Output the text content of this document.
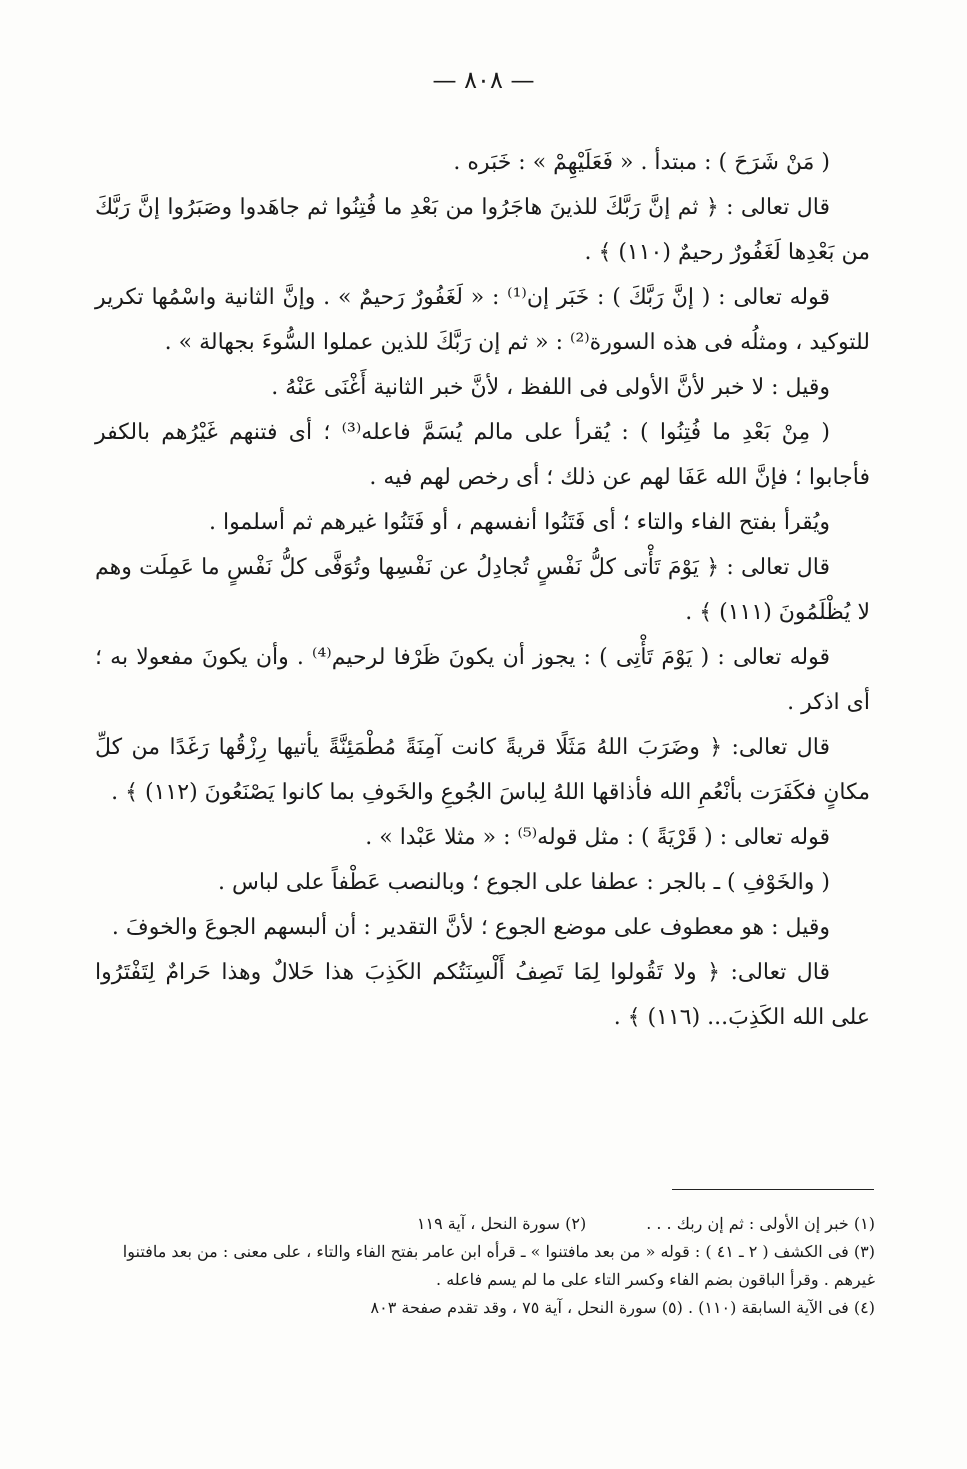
— ٨٠٨ —

( مَنْ شَرَحَ ) : مبتدأ . « فَعَلَيْهِمْ » : خَبَره .

قال تعالى : ﴿ ثم إنَّ رَبَّكَ للذينَ هاجَرُوا من بَعْدِ ما فُتِنُوا ثم جاهَدوا وصَبَرُوا إنَّ رَبَّكَ من بَعْدِها لَغَفُورٌ رحيمٌ (١١٠) ﴾ .

قوله تعالى : ( إنَّ رَبَّكَ ) : خَبَر إن⁽¹⁾ : « لَغَفُورٌ رَحيمٌ » . وإنَّ الثانية واسْمُها تكرير للتوكيد ، ومثلُه فى هذه السورة⁽²⁾ : « ثم إن رَبَّكَ للذين عملوا السُّوءَ بجهالة » .

وقيل : لا خبر لأنَّ الأولى فى اللفظ ، لأنَّ خبر الثانية أَغْنَى عَنْهُ .

( مِنْ بَعْدِ ما فُتِنُوا ) : يُقرأ على مالم يُسَمَّ فاعله⁽³⁾ ؛ أى فتنهم غَيْرُهم بالكفر فأجابوا ؛ فإنَّ الله عَفَا لهم عن ذلك ؛ أى رخص لهم فيه .

ويُقرأ بفتح الفاء والتاء ؛ أى فَتَنُوا أنفسهم ، أو فَتَنُوا غيرهم ثم أسلموا .

قال تعالى : ﴿ يَوْمَ تَأْتى كلُّ نَفْسٍ تُجادِلُ عن نَفْسِها وتُوَفَّى كلُّ نَفْسٍ ما عَمِلَت وهم لا يُظْلَمُونَ (١١١) ﴾ .

قوله تعالى : ( يَوْمَ تَأْتِى ) : يجوز أن يكونَ ظَرْفا لرحيم⁽⁴⁾ . وأن يكونَ مفعولا به ؛ أى اذكر .

قال تعالى: ﴿ وضَرَبَ اللهُ مَثَلًا قريةً كانت آمِنَةً مُطْمَئِنَّةً يأتيها رِزْقُها رَغَدًا من كلِّ مكانٍ فكَفَرَت بأنْعُمِ الله فأذاقها اللهُ لِباسَ الجُوعِ والخَوفِ بما كانوا يَصْنَعُونَ (١١٢) ﴾ .

قوله تعالى : ( قَرْيَةً ) : مثل قوله⁽⁵⁾ : « مثلا عَبْدا » .

( والخَوْفِ ) ـ بالجر : عطفا على الجوع ؛ وبالنصب عَطْفاً على لباس .

وقيل : هو معطوف على موضع الجوع ؛ لأنَّ التقدير : أن ألبسهم الجوعَ والخوفَ .

قال تعالى: ﴿ ولا تَقُولوا لِمَا تَصِفُ أَلْسِنَتُكم الكَذِبَ هذا حَلالٌ وهذا حَرامٌ لِتَفْتَرُوا على الله الكَذِبَ... (١١٦) ﴾ .

(١) خبر إن الأولى : ثم إن ربك . . .
(٢) سورة النحل ، آية ١١٩

(٣) فى الكشف ( ٢ ـ ٤١ ) : قوله « من بعد مافتنوا » ـ قرأه ابن عامر بفتح الفاء والتاء ، على معنى : من بعد مافتنوا غيرهم . وقرأ الباقون بضم الفاء وكسر التاء على ما لم يسم فاعله .

(٤) فى الآية السابقة (١١٠) . (٥) سورة النحل ، آية ٧٥ ، وقد تقدم صفحة ٨٠٣
